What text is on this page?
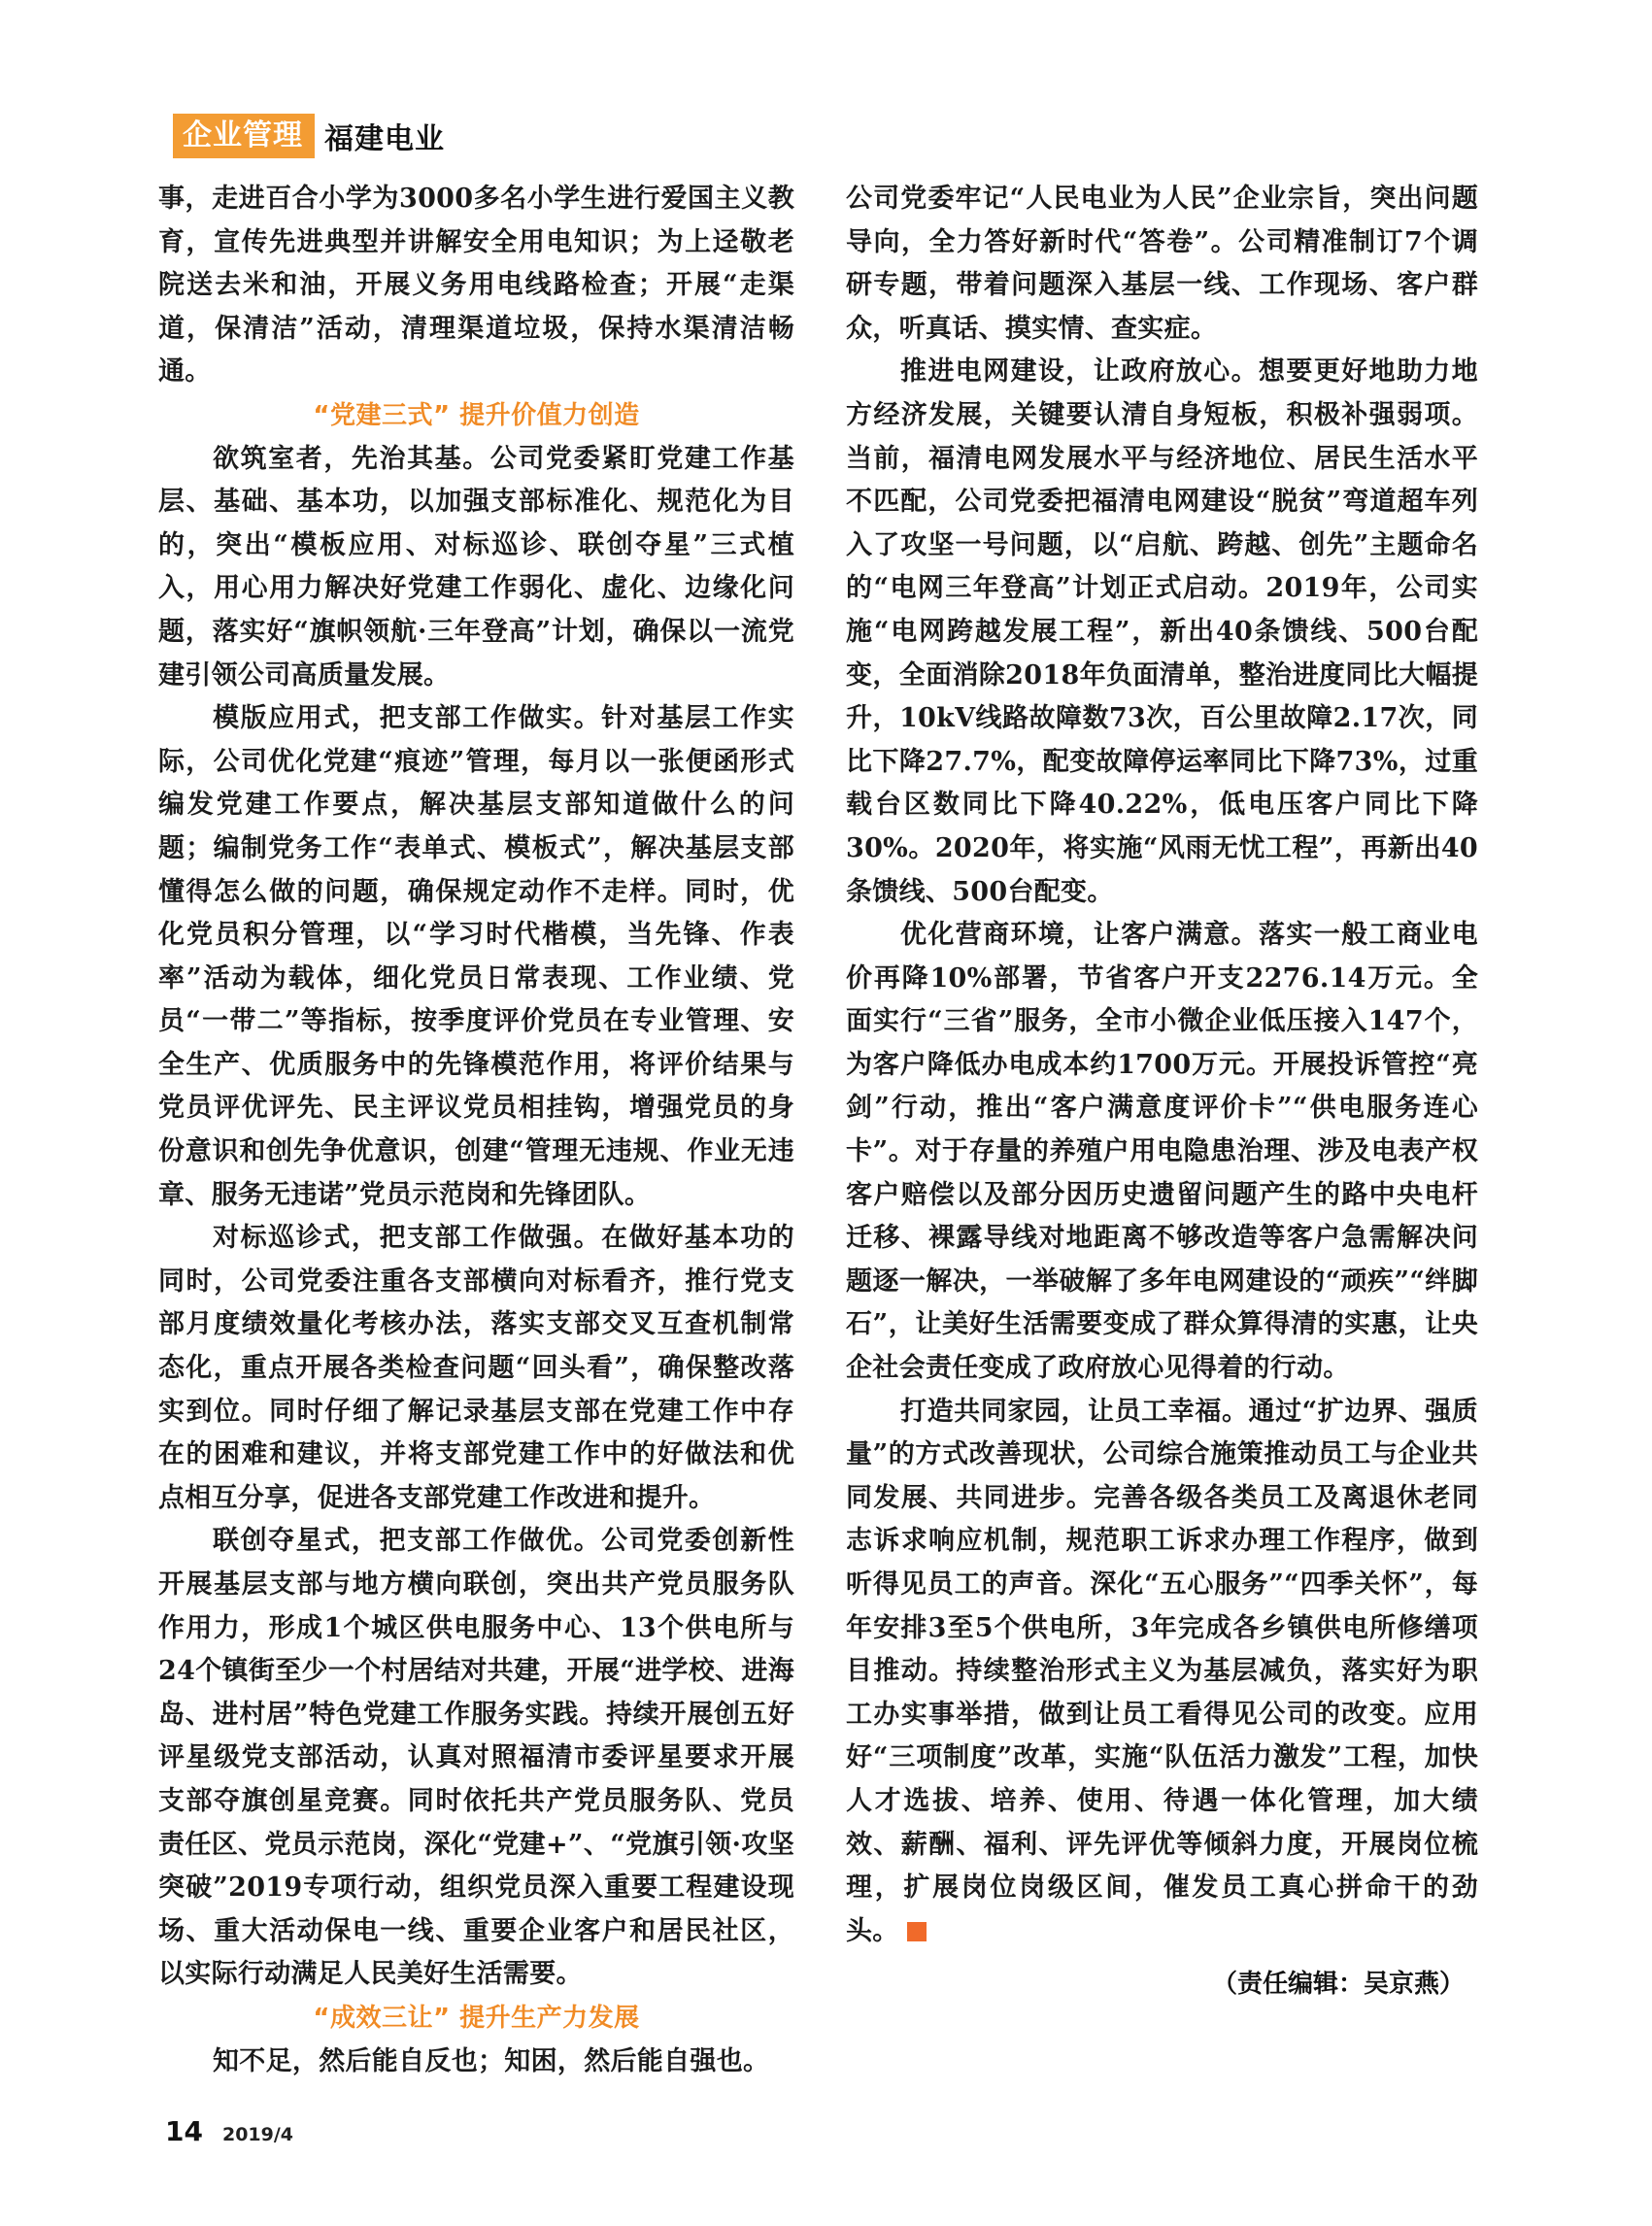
企业管理 福建电业

事，走进百合小学为3000多名小学生进行爱国主义教育，宣传先进典型并讲解安全用电知识；为上迳敬老院送去米和油，开展义务用电线路检查；开展“走渠道，保清洁”活动，清理渠道垃圾，保持水渠清洁畅通。

“党建三式” 提升价值力创造

欲筑室者，先治其基。公司党委紧盯党建工作基层、基础、基本功，以加强支部标准化、规范化为目的，突出“模板应用、对标巡诊、联创夺星”三式植入，用心用力解决好党建工作弱化、虚化、边缘化问题，落实好“旗帜领航·三年登高”计划，确保以一流党建引领公司高质量发展。

模版应用式，把支部工作做实。针对基层工作实际，公司优化党建“痕迹”管理，每月以一张便函形式编发党建工作要点，解决基层支部知道做什么的问题；编制党务工作“表单式、模板式”，解决基层支部懂得怎么做的问题，确保规定动作不走样。同时，优化党员积分管理，以“学习时代楷模，当先锋、作表率”活动为载体，细化党员日常表现、工作业绩、党员“一带二”等指标，按季度评价党员在专业管理、安全生产、优质服务中的先锋模范作用，将评价结果与党员评优评先、民主评议党员相挂钩，增强党员的身份意识和创先争优意识，创建“管理无违规、作业无违章、服务无违诺”党员示范岗和先锋团队。

对标巡诊式，把支部工作做强。在做好基本功的同时，公司党委注重各支部横向对标看齐，推行党支部月度绩效量化考核办法，落实支部交叉互查机制常态化，重点开展各类检查问题“回头看”，确保整改落实到位。同时仔细了解记录基层支部在党建工作中存在的困难和建议，并将支部党建工作中的好做法和优点相互分享，促进各支部党建工作改进和提升。

联创夺星式，把支部工作做优。公司党委创新性开展基层支部与地方横向联创，突出共产党员服务队作用力，形成1个城区供电服务中心、13个供电所与24个镇街至少一个村居结对共建，开展“进学校、进海岛、进村居”特色党建工作服务实践。持续开展创五好评星级党支部活动，认真对照福清市委评星要求开展支部夺旗创星竞赛。同时依托共产党员服务队、党员责任区、党员示范岗，深化“党建+”、“党旗引领·攻坚突破”2019专项行动，组织党员深入重要工程建设现场、重大活动保电一线、重要企业客户和居民社区，以实际行动满足人民美好生活需要。

“成效三让” 提升生产力发展

知不足，然后能自反也；知困，然后能自强也。

公司党委牢记“人民电业为人民”企业宗旨，突出问题导向，全力答好新时代“答卷”。公司精准制订7个调研专题，带着问题深入基层一线、工作现场、客户群众，听真话、摸实情、查实症。

推进电网建设，让政府放心。想要更好地助力地方经济发展，关键要认清自身短板，积极补强弱项。当前，福清电网发展水平与经济地位、居民生活水平不匹配，公司党委把福清电网建设“脱贫”弯道超车列入了攻坚一号问题，以“启航、跨越、创先”主题命名的“电网三年登高”计划正式启动。2019年，公司实施“电网跨越发展工程”，新出40条馈线、500台配变，全面消除2018年负面清单，整治进度同比大幅提升，10kV线路故障数73次，百公里故障2.17次，同比下降27.7%，配变故障停运率同比下降73%，过重载台区数同比下降40.22%，低电压客户同比下降30%。2020年，将实施“风雨无忧工程”，再新出40条馈线、500台配变。

优化营商环境，让客户满意。落实一般工商业电价再降10%部署，节省客户开支2276.14万元。全面实行“三省”服务，全市小微企业低压接入147个，为客户降低办电成本约1700万元。开展投诉管控“亮剑”行动，推出“客户满意度评价卡”“供电服务连心卡”。对于存量的养殖户用电隐患治理、涉及电表产权客户赔偿以及部分因历史遗留问题产生的路中央电杆迁移、裸露导线对地距离不够改造等客户急需解决问题逐一解决，一举破解了多年电网建设的“顽疾”“绊脚石”，让美好生活需要变成了群众算得清的实惠，让央企社会责任变成了政府放心见得着的行动。

打造共同家园，让员工幸福。通过“扩边界、强质量”的方式改善现状，公司综合施策推动员工与企业共同发展、共同进步。完善各级各类员工及离退休老同志诉求响应机制，规范职工诉求办理工作程序，做到听得见员工的声音。深化“五心服务”“四季关怀”，每年安排3至5个供电所，3年完成各乡镇供电所修缮项目推动。持续整治形式主义为基层减负，落实好为职工办实事举措，做到让员工看得见公司的改变。应用好“三项制度”改革，实施“队伍活力激发”工程，加快人才选拔、培养、使用、待遇一体化管理，加大绩效、薪酬、福利、评先评优等倾斜力度，开展岗位梳理，扩展岗位岗级区间，催发员工真心拼命干的劲头。

（责任编辑：吴京燕）
14 2019/4
